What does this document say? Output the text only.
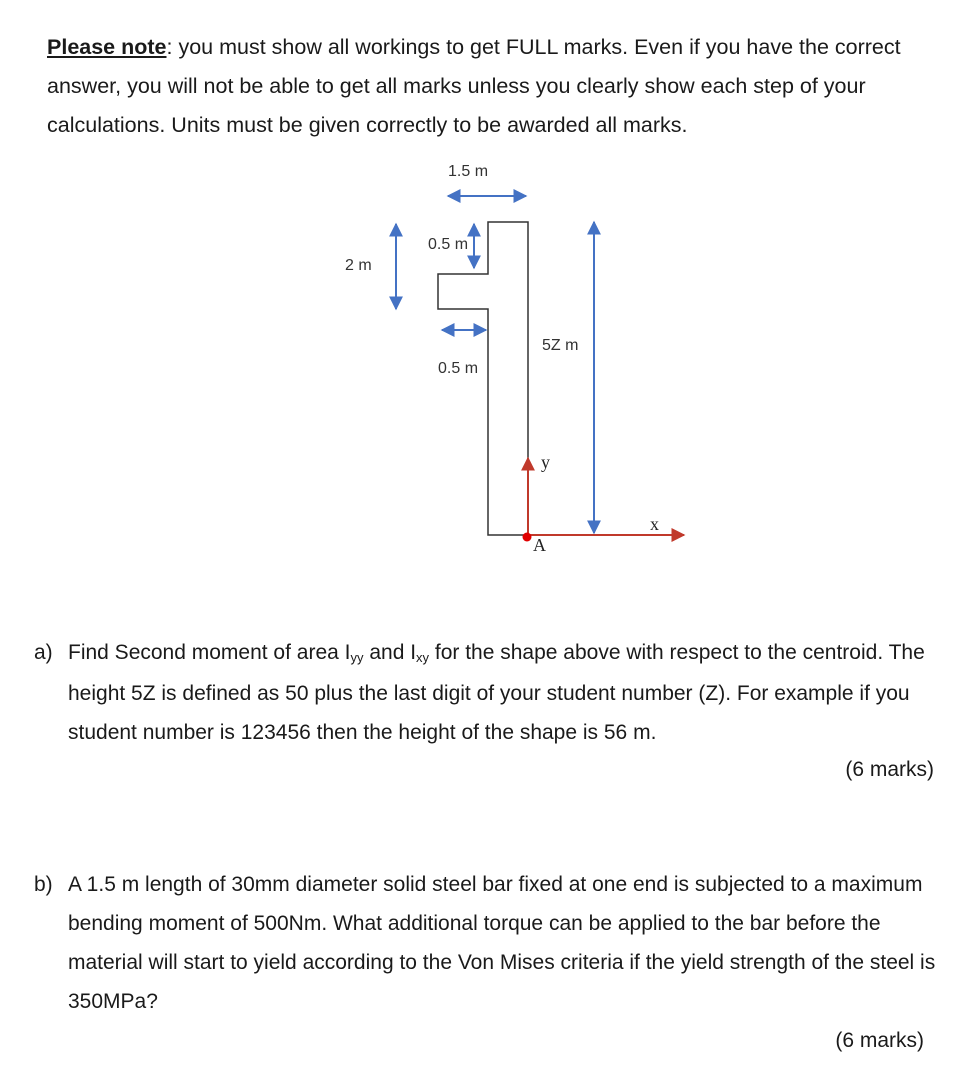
Please note: you must show all workings to get FULL marks. Even if you have the correct answer, you will not be able to get all marks unless you clearly show each step of your calculations. Units must be given correctly to be awarded all marks.
1.5 m
0.5 m
2 m
0.5 m
5Z m
y
x
A
a) Find Second moment of area Iyy and Ixy for the shape above with respect to the centroid. The height 5Z is defined as 50 plus the last digit of your student number (Z). For example if you student number is 123456 then the height of the shape is 56 m.
(6 marks)
b) A 1.5 m length of 30mm diameter solid steel bar fixed at one end is subjected to a maximum bending moment of 500Nm. What additional torque can be applied to the bar before the material will start to yield according to the Von Mises criteria if the yield strength of the steel is 350MPa?
(6 marks)
